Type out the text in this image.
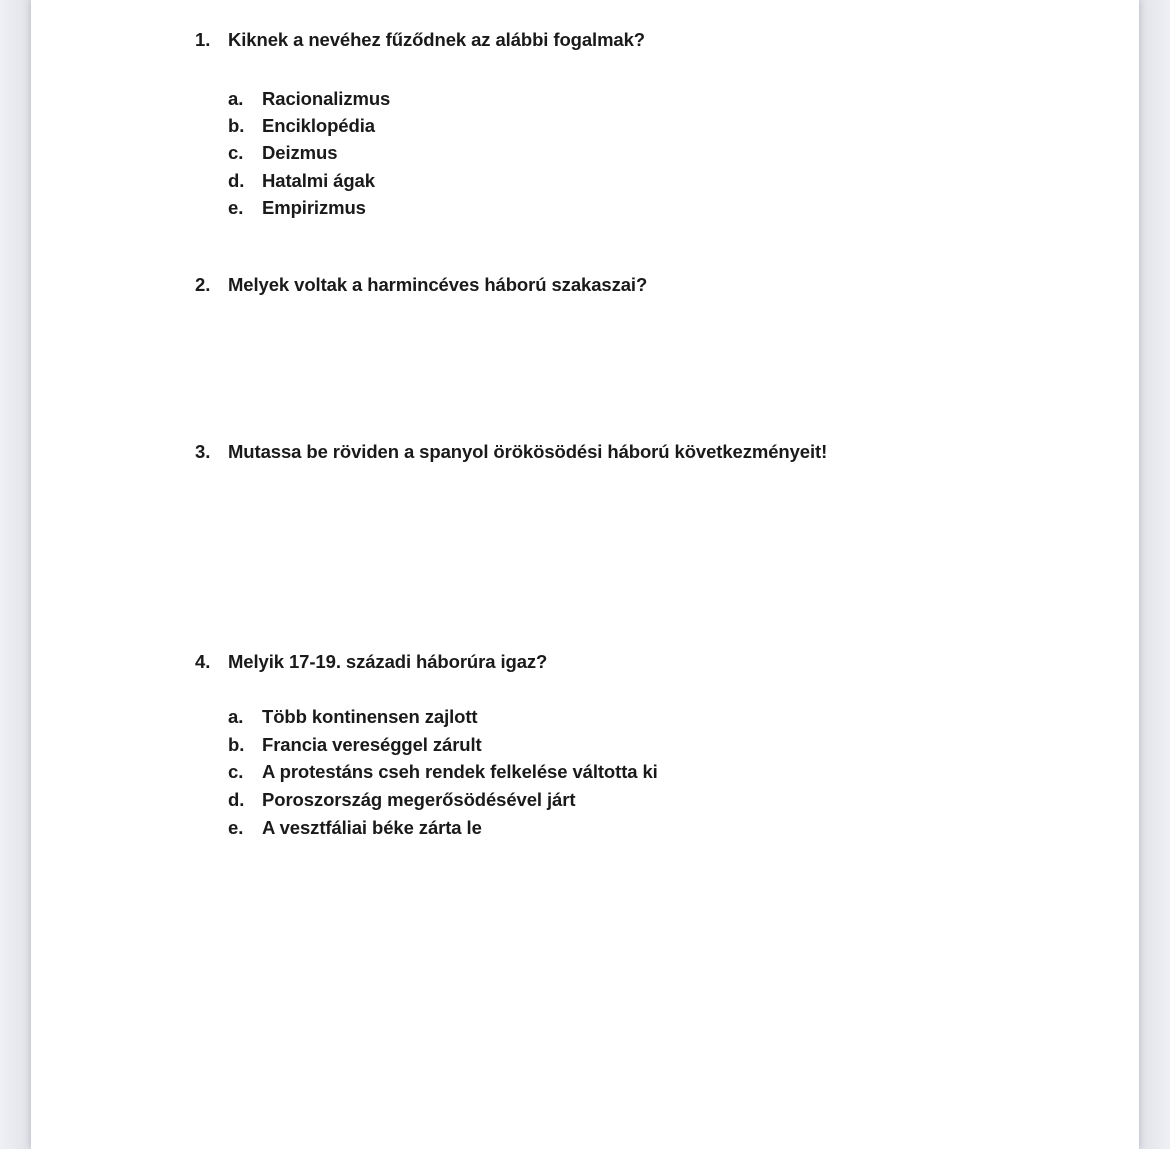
1. Kiknek a nevéhez fűződnek az alábbi fogalmak?
a.	Racionalizmus
b. Enciklopédia
c.	Deizmus
d. Hatalmi ágak
e.	Empirizmus
2. Melyek voltak a harmincéves háború szakaszai?
3. Mutassa be röviden a spanyol örökösödési háború következményeit!
4. Melyik 17-19. századi háborúra igaz?
a.	Több kontinensen zajlott
b. Francia vereséggel zárult
c.	A protestáns cseh rendek felkelése váltotta ki
d. Poroszország megerősödésével járt
e.	A vesztfáliai béke zárta le
